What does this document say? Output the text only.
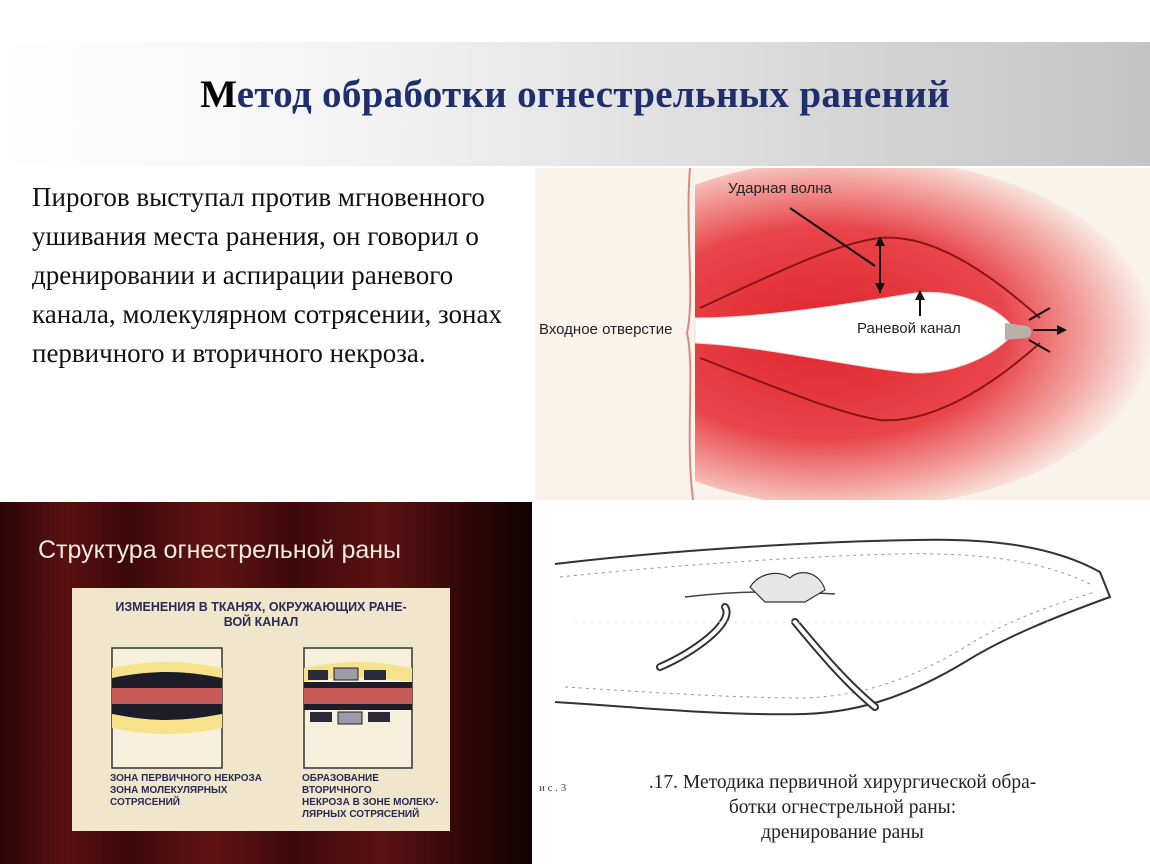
Метод обработки огнестрельных ранений
Пирогов выступал против мгновенного ушивания места ранения, он говорил о дренировании и аспирации раневого канала, молекулярном сотрясении, зонах первичного и вторичного некроза.
Ударная волна
Входное отверстие	Раневой канал
Структура огнестрельной раны
ИЗМЕНЕНИЯ В ТКАНЯХ, ОКРУЖАЮЩИХ РАНЕ-
ВОЙ КАНАЛ
ЗОНА ПЕРВИЧНОГО НЕКРОЗА
ЗОНА МОЛЕКУЛЯРНЫХ
СОТРЯСЕНИЙ
ОБРАЗОВАНИЕ ВТОРИЧНОГО
НЕКРОЗА В ЗОНЕ МОЛЕКУ-
ЛЯРНЫХ СОТРЯСЕНИЙ
и с . 3	.17. Методика первичной хирургической обра-
ботки огнестрельной раны:
дренирование раны
